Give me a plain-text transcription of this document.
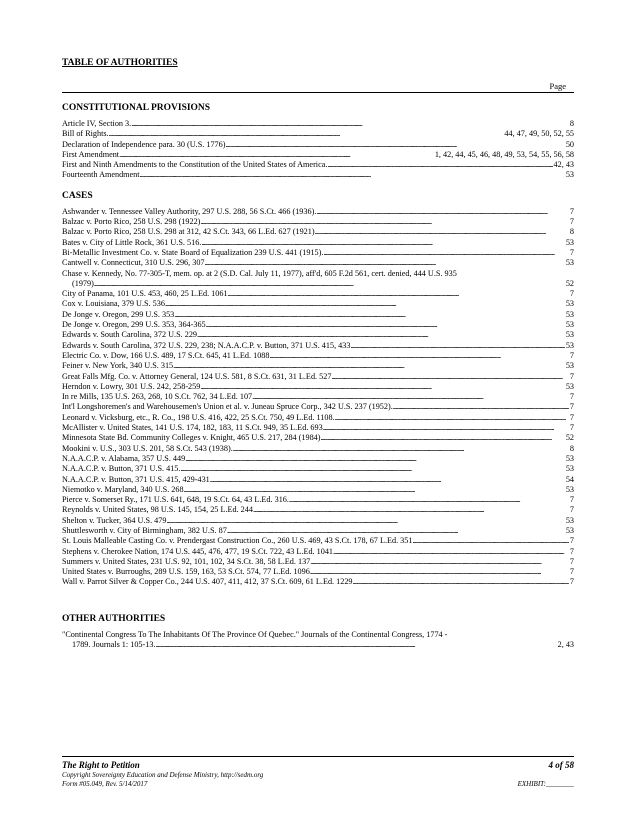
TABLE OF AUTHORITIES
Page
CONSTITUTIONAL PROVISIONS
Article IV, Section 3. . . .	8
Bill of Rights. . . .	44, 47, 49, 50, 52, 55
Declaration of Independence para. 30 (U.S. 1776) . . .	50
First Amendment . . .	1, 42, 44, 45, 46, 48, 49, 53, 54, 55, 56, 58
First and Ninth Amendments to the Constitution of the United States of America. . . .	42, 43
Fourteenth Amendment . . .	53
CASES
Ashwander v. Tennessee Valley Authority, 297 U.S. 288, 56 S.Ct. 466 (1936). . . .	7
Balzac v. Porto Rico, 258 U.S. 298 (1922) . . .	7
Balzac v. Porto Rico, 258 U.S. 298 at 312, 42 S.Ct. 343, 66 L.Ed. 627 (1921) . . .	8
Bates v. City of Little Rock, 361 U.S. 516. . . .	53
Bi-Metallic Investment Co. v. State Board of Equalization 239 U.S. 441 (1915). . . .	7
Cantwell v. Connecticut, 310 U.S. 296, 307 . . .	53
Chase v. Kennedy, No. 77-305-T, mem. op. at 2 (S.D. Cal. July 11, 1977), aff'd, 605 F.2d 561, cert. denied, 444 U.S. 935
(1979) . . .	52
City of Panama, 101 U.S. 453, 460, 25 L.Ed. 1061 . . .	7
Cox v. Louisiana, 379 U.S. 536 . . .	53
De Jonge v. Oregon, 299 U.S. 353 . . .	53
De Jonge v. Oregon, 299 U.S. 353, 364-365 . . .	53
Edwards v. South Carolina, 372 U.S. 229 . . .	53
Edwards v. South Carolina, 372 U.S. 229, 238; N.A.A.C.P. v. Button, 371 U.S. 415, 433 . . .	53
Electric Co. v. Dow, 166 U.S. 489, 17 S.Ct. 645, 41 L.Ed. 1088 . . .	7
Feiner v. New York, 340 U.S. 315 . . .	53
Great Falls Mfg. Co. v. Attorney General, 124 U.S. 581, 8 S.Ct. 631, 31 L.Ed. 527 . . .	7
Herndon v. Lowry, 301 U.S. 242, 258-259 . . .	53
In re Mills, 135 U.S. 263, 268, 10 S.Ct. 762, 34 L.Ed. 107 . . .	7
Int'l Longshoremen's and Warehousemen's Union et al. v. Juneau Spruce Corp., 342 U.S. 237 (1952). . . .	7
Leonard v. Vicksburg, etc., R. Co., 198 U.S. 416, 422, 25 S.Ct. 750, 49 L.Ed. 1108. . . .	7
McAllister v. United States, 141 U.S. 174, 182, 183, 11 S.Ct. 949, 35 L.Ed. 693 . . .	7
Minnesota State Bd. Community Colleges v. Knight, 465 U.S. 217, 284 (1984) . . .	52
Mookini v. U.S., 303 U.S. 201, 58 S.Ct. 543 (1938). . . .	8
N.A.A.C.P. v. Alabama, 357 U.S. 449 . . .	53
N.A.A.C.P. v. Button, 371 U.S. 415. . . .	53
N.A.A.C.P. v. Button, 371 U.S. 415, 429-431 . . .	54
Niemotko v. Maryland, 340 U.S. 268 . . .	53
Pierce v. Somerset Ry., 171 U.S. 641, 648, 19 S.Ct. 64, 43 L.Ed. 316. . . .	7
Reynolds v. United States, 98 U.S. 145, 154, 25 L.Ed. 244 . . .	7
Shelton v. Tucker, 364 U.S. 479 . . .	53
Shuttlesworth v. City of Birmingham, 382 U.S. 87 . . .	53
St. Louis Malleable Casting Co. v. Prendergast Construction Co., 260 U.S. 469, 43 S.Ct. 178, 67 L.Ed. 351 . . .	7
Stephens v. Cherokee Nation, 174 U.S. 445, 476, 477, 19 S.Ct. 722, 43 L.Ed. 1041 . . .	7
Summers v. United States, 231 U.S. 92, 101, 102, 34 S.Ct. 38, 58 L.Ed. 137 . . .	7
United States v. Burroughs, 289 U.S. 159, 163, 53 S.Ct. 574, 77 L.Ed. 1096 . . .	7
Wall v. Parrot Silver & Copper Co., 244 U.S. 407, 411, 412, 37 S.Ct. 609, 61 L.Ed. 1229 . . .	7
OTHER AUTHORITIES
"Continental Congress To The Inhabitants Of The Province Of Quebec." Journals of the Continental Congress, 1774 -
1789. Journals 1: 105-13. . . .	2, 43
The Right to Petition	4 of 58
Copyright Sovereignty Education and Defense Ministry, http://sedm.org
Form #05.049, Rev. 5/14/2017	EXHIBIT:________
